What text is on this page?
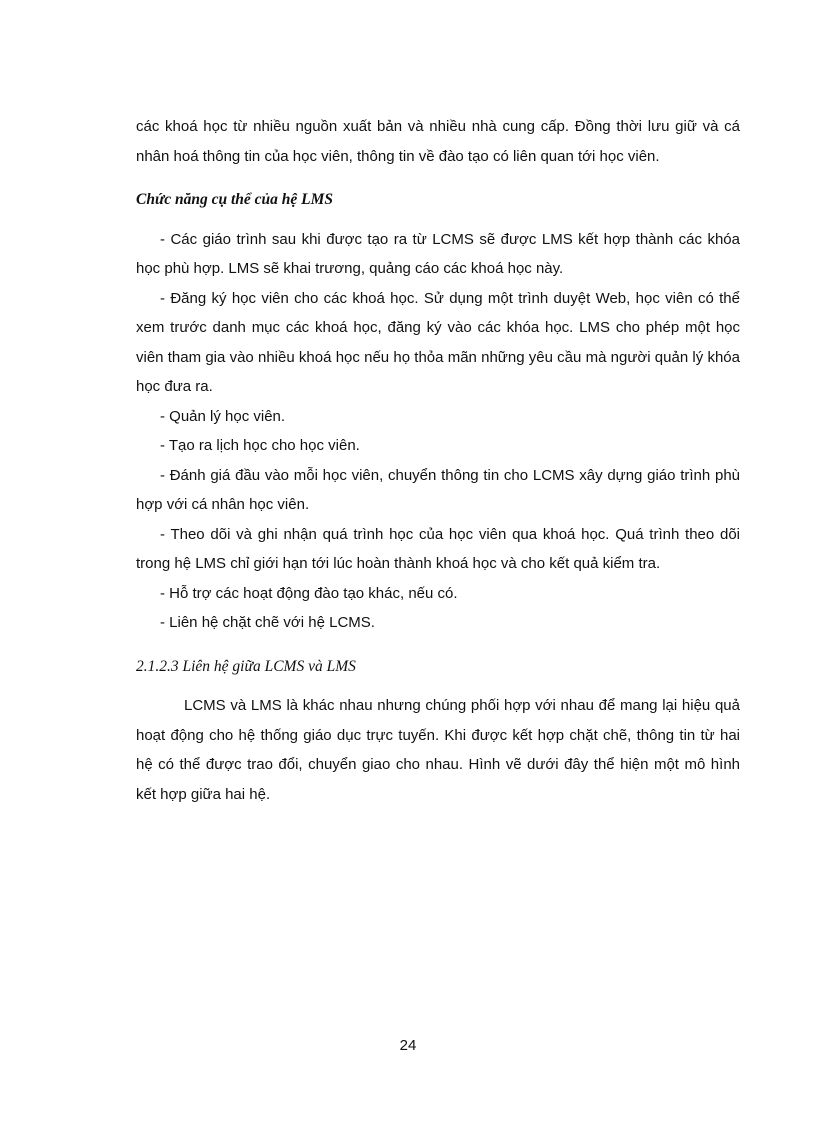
các khoá học từ nhiều nguồn xuất bản và nhiều nhà cung cấp. Đồng thời lưu giữ và cá nhân hoá thông tin của học viên, thông tin về đào tạo có liên quan tới học viên.

Chức năng cụ thể của hệ LMS

- Các giáo trình sau khi được tạo ra từ LCMS sẽ được LMS kết hợp thành các khóa học phù hợp. LMS sẽ khai trương, quảng cáo các khoá học này.

- Đăng ký học viên cho các khoá học. Sử dụng một trình duyệt Web, học viên có thể xem trước danh mục các khoá học, đăng ký vào các khóa học. LMS cho phép một học viên tham gia vào nhiều khoá học nếu họ thỏa mãn những yêu cầu mà người quản lý khóa học đưa ra.

- Quản lý học viên.

- Tạo ra lịch học cho học viên.

- Đánh giá đầu vào mỗi học viên, chuyển thông tin cho LCMS xây dựng giáo trình phù hợp với cá nhân học viên.

- Theo dõi và ghi nhận quá trình học của học viên qua khoá học. Quá trình theo dõi trong hệ LMS chỉ giới hạn tới lúc hoàn thành khoá học và cho kết quả kiểm tra.

- Hỗ trợ các hoạt động đào tạo khác, nếu có.

- Liên hệ chặt chẽ với hệ LCMS.

2.1.2.3 Liên hệ giữa LCMS và LMS

LCMS và LMS là khác nhau nhưng chúng phối hợp với nhau để mang lại hiệu quả hoạt động cho hệ thống giáo dục trực tuyến. Khi được kết hợp chặt chẽ, thông tin từ hai hệ có thể được trao đổi, chuyển giao cho nhau. Hình vẽ dưới đây thể hiện một mô hình kết hợp giữa hai hệ.

24
